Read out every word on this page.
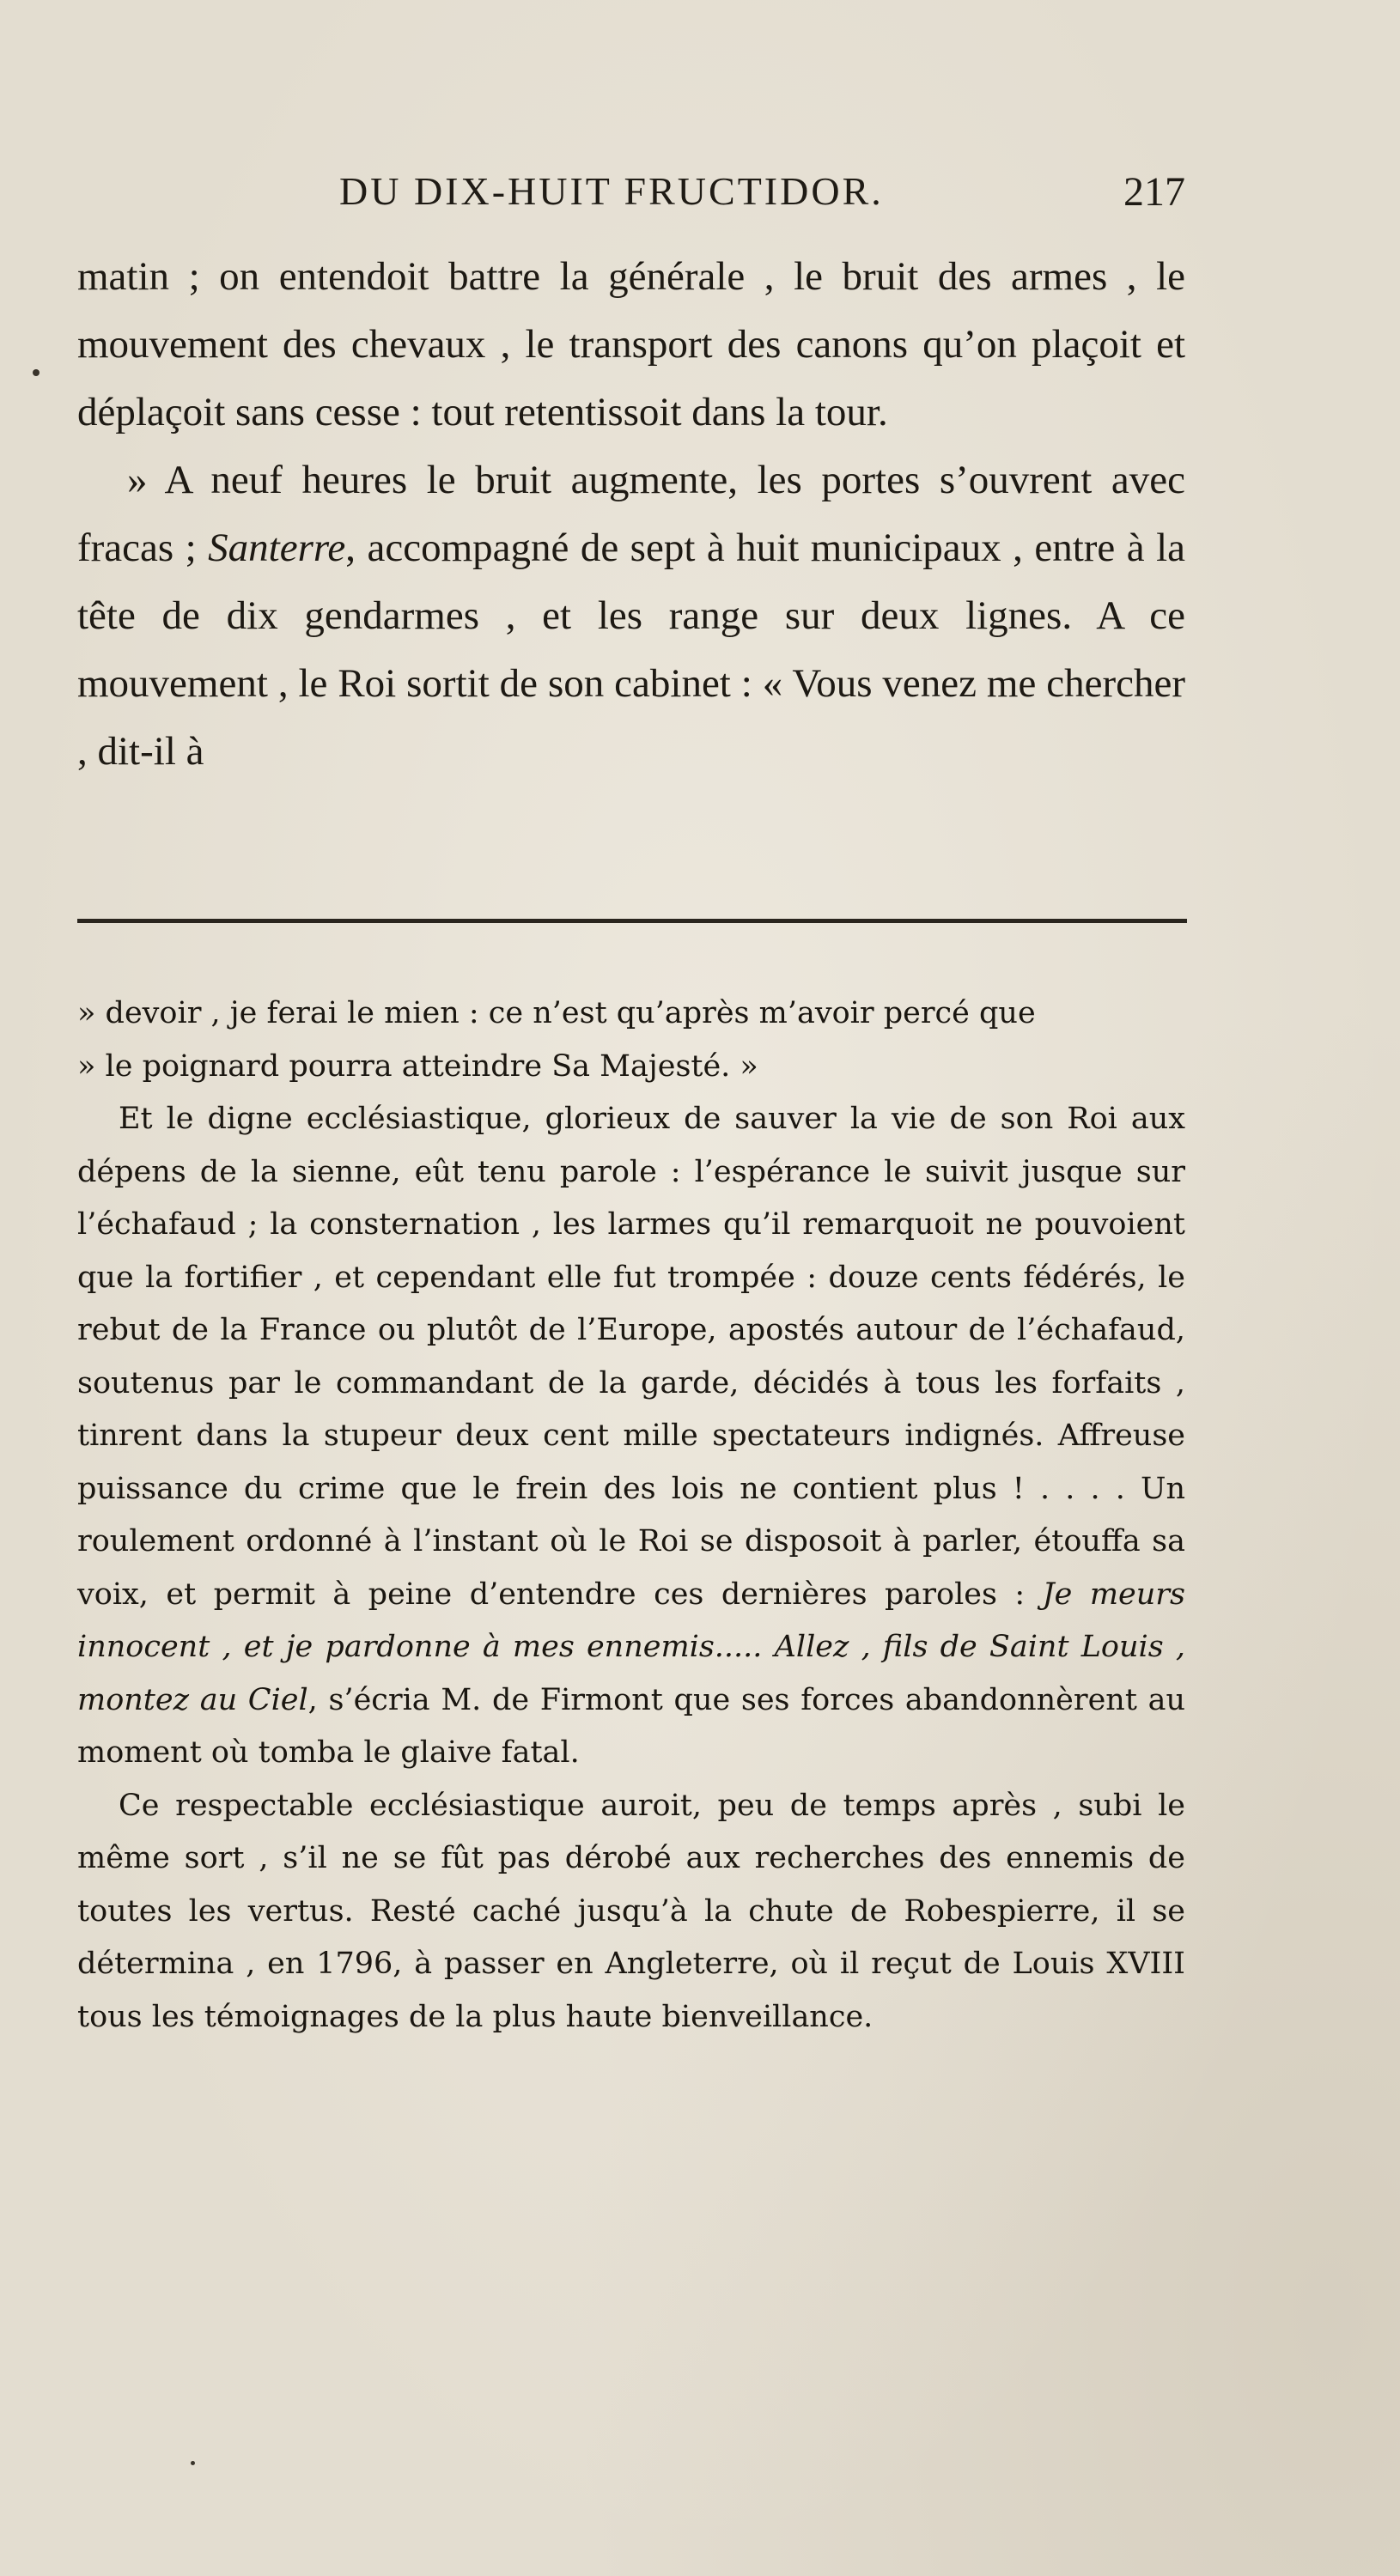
DU DIX-HUIT FRUCTIDOR.	217

matin ; on entendoit battre la générale , le bruit des armes , le mouvement des chevaux , le transport des canons qu’on plaçoit et déplaçoit sans cesse : tout retentissoit dans la tour.

» A neuf heures le bruit augmente, les portes s’ouvrent avec fracas ; Santerre, accompagné de sept à huit municipaux , entre à la tête de dix gendarmes , et les range sur deux lignes. A ce mouvement , le Roi sortit de son cabinet : « Vous venez me chercher , dit-il à

» devoir , je ferai le mien : ce n’est qu’après m’avoir percé que

» le poignard pourra atteindre Sa Majesté. »

Et le digne ecclésiastique, glorieux de sauver la vie de son Roi aux dépens de la sienne, eût tenu parole : l’espérance le suivit jusque sur l’échafaud ; la consternation , les larmes qu’il remarquoit ne pouvoient que la fortifier , et cependant elle fut trompée : douze cents fédérés, le rebut de la France ou plutôt de l’Europe, apostés autour de l’échafaud, soutenus par le commandant de la garde, décidés à tous les forfaits , tinrent dans la stupeur deux cent mille spectateurs indignés. Affreuse puissance du crime que le frein des lois ne contient plus ! . . . . Un roulement ordonné à l’instant où le Roi se disposoit à parler, étouffa sa voix, et permit à peine d’entendre ces dernières paroles : Je meurs innocent , et je pardonne à mes ennemis..... Allez , fils de Saint Louis , montez au Ciel, s’écria M. de Firmont que ses forces abandonnèrent au moment où tomba le glaive fatal.

Ce respectable ecclésiastique auroit, peu de temps après , subi le même sort , s’il ne se fût pas dérobé aux recherches des ennemis de toutes les vertus. Resté caché jusqu’à la chute de Robespierre, il se détermina , en 1796, à passer en Angleterre, où il reçut de Louis XVIII tous les témoignages de la plus haute bienveillance.
